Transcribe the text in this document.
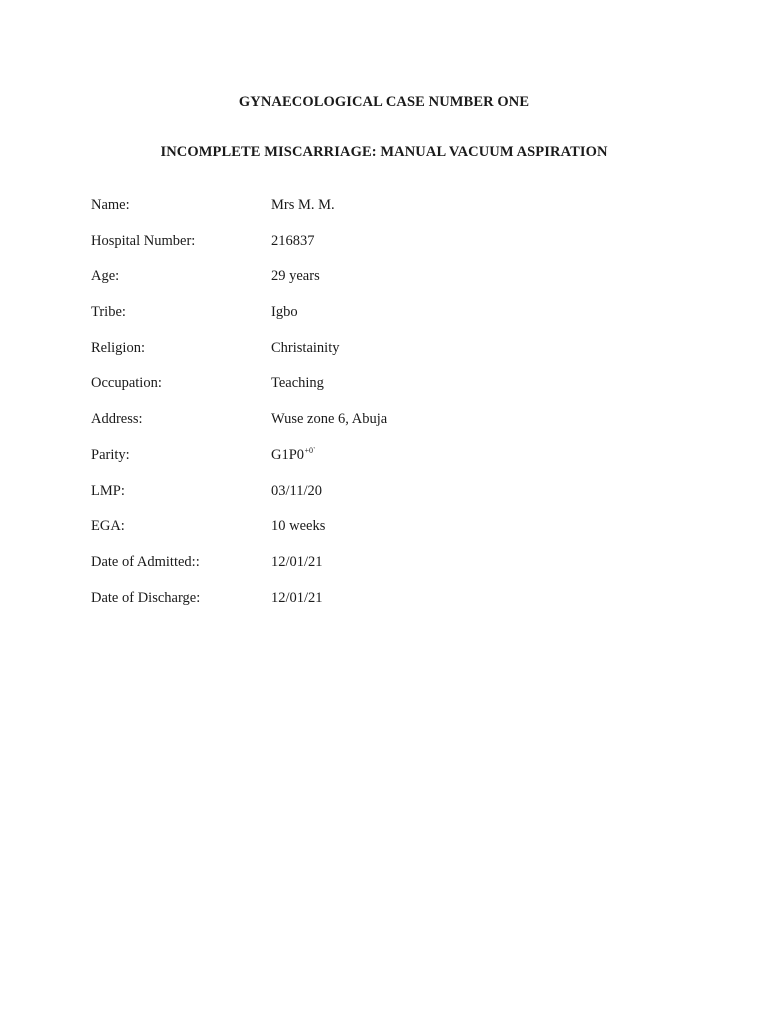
GYNAECOLOGICAL CASE NUMBER ONE
INCOMPLETE MISCARRIAGE: MANUAL VACUUM ASPIRATION
Name:	Mrs M. M.
Hospital Number:	216837
Age:	29 years
Tribe:	Igbo
Religion:	Christainity
Occupation:	Teaching
Address:	Wuse zone 6, Abuja
Parity:	$G1P0^{+0`}$
LMP:	03/11/20
EGA:	10 weeks
Date of Admitted::	12/01/21
Date of Discharge:	12/01/21
